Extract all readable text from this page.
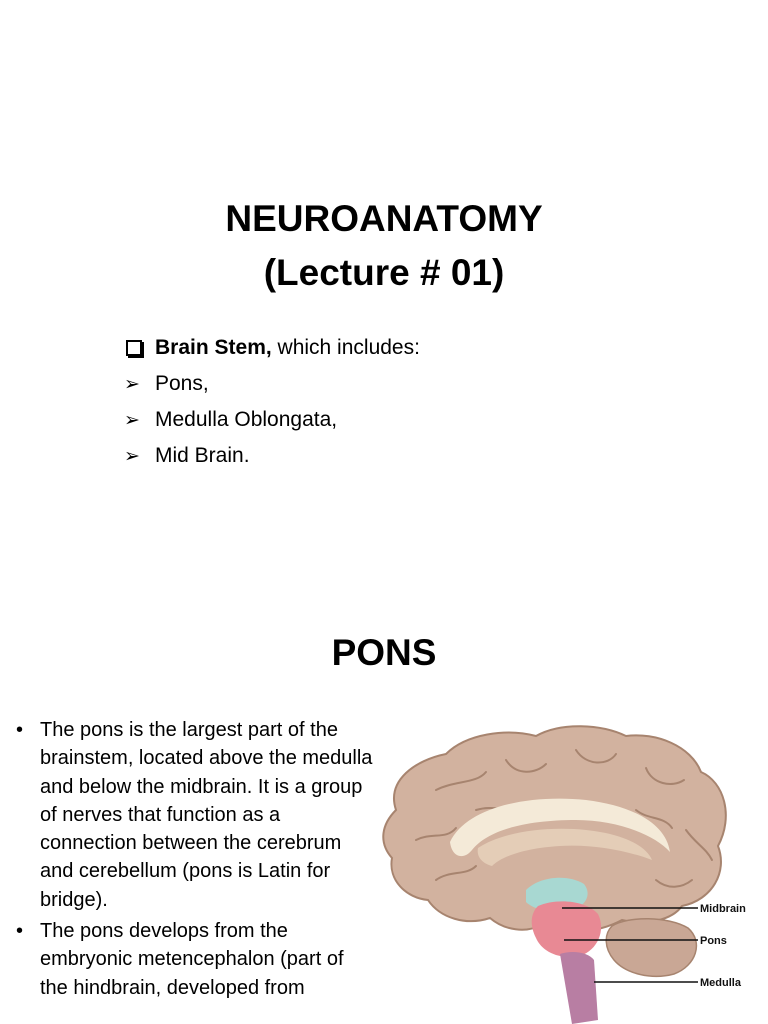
NEUROANATOMY
(Lecture # 01)
Brain Stem, which includes:
➢ Pons,
➢ Medulla Oblongata,
➢ Mid Brain.
PONS
• The pons is the largest part of the brainstem, located above the medulla and below the midbrain. It is a group of nerves that function as a connection between the cerebrum and cerebellum (pons is Latin for bridge).
• The pons develops from the embryonic metencephalon (part of the hindbrain, developed from
Midbrain
Pons
Medulla
